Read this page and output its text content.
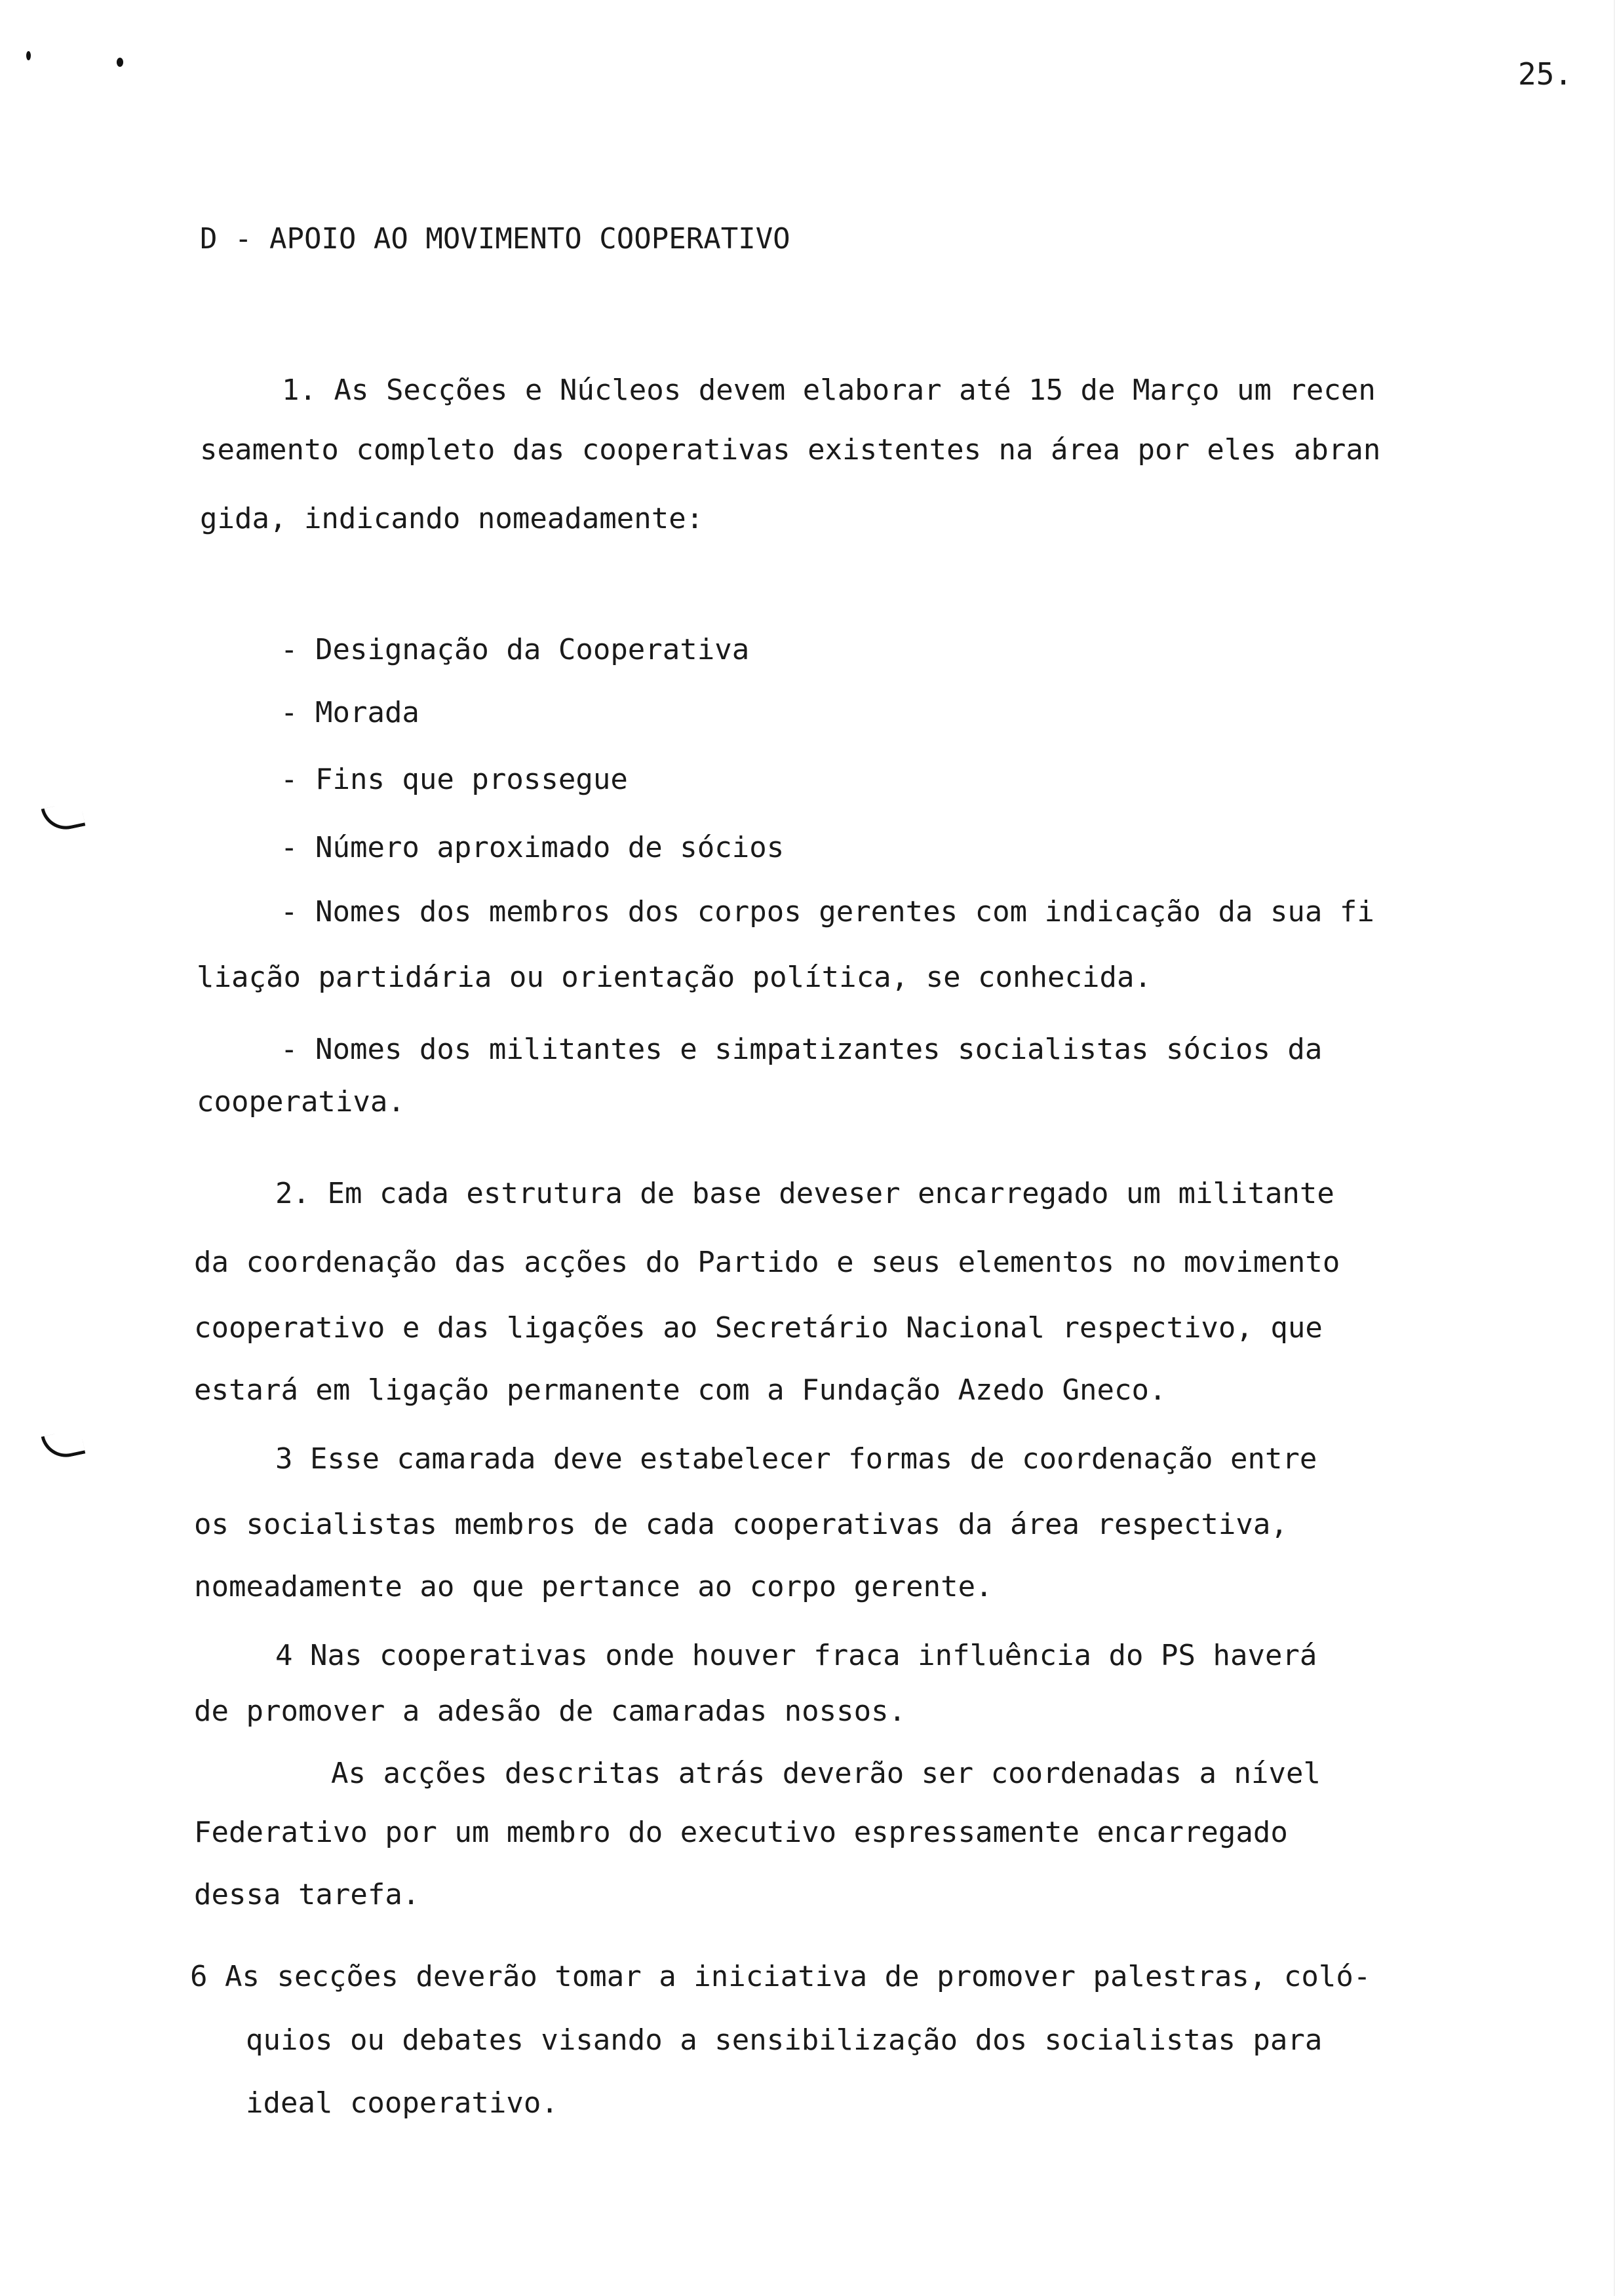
25.

D - APOIO AO MOVIMENTO COOPERATIVO

1. As Secções e Núcleos devem elaborar até 15 de Março um recen

seamento completo das cooperativas existentes na área por eles abran

gida, indicando nomeadamente:

- Designação da Cooperativa

- Morada

- Fins que prossegue

- Número aproximado de sócios

- Nomes dos membros dos corpos gerentes com indicação da sua fi

liação partidária ou orientação política, se conhecida.

- Nomes dos militantes e simpatizantes socialistas sócios da

cooperativa.

2. Em cada estrutura de base deveser encarregado um militante

da coordenação das acções do Partido e seus elementos no movimento

cooperativo e das ligações ao Secretário Nacional respectivo, que

estará em ligação permanente com a Fundação Azedo Gneco.

3 Esse camarada deve estabelecer formas de coordenação entre

os socialistas membros de cada cooperativas da área respectiva,

nomeadamente ao que pertance ao corpo gerente.

4 Nas cooperativas onde houver fraca influência do PS haverá

de promover a adesão de camaradas nossos.

As acções descritas atrás deverão ser coordenadas a nível

Federativo por um membro do executivo espressamente encarregado

dessa tarefa.

6 As secções deverão tomar a iniciativa de promover palestras, coló-

quios ou debates visando a sensibilização dos socialistas para

ideal cooperativo.
